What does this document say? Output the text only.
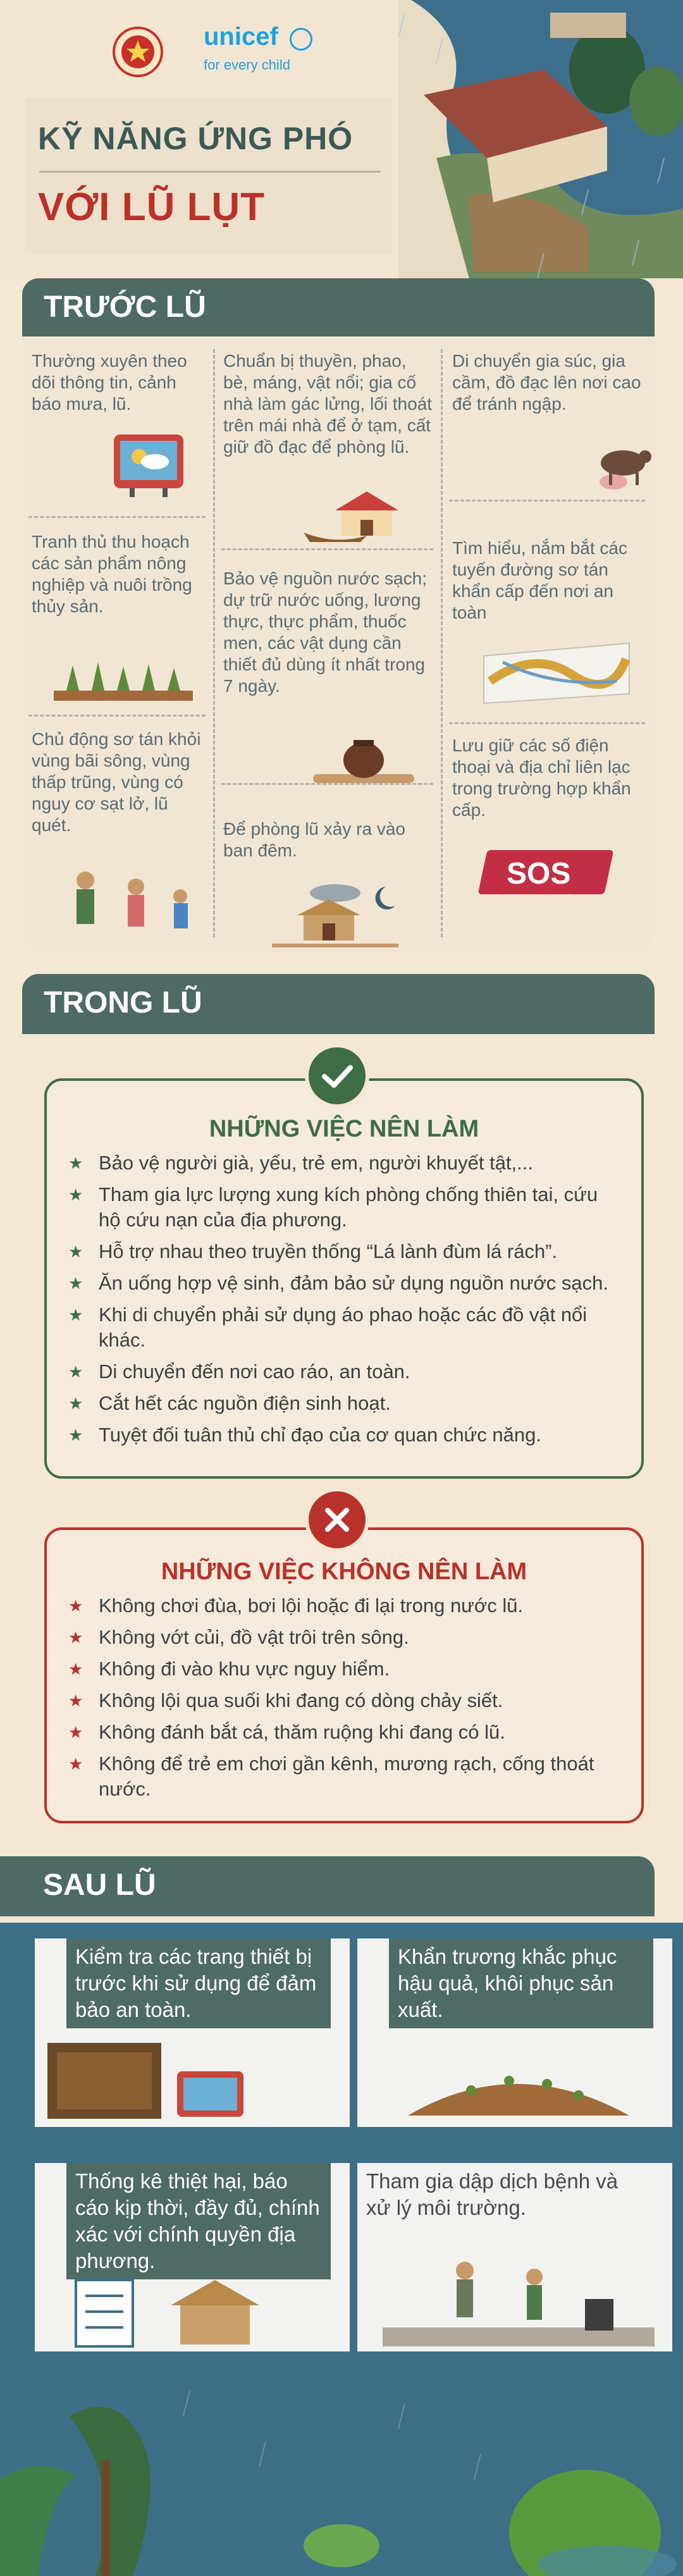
unicef
for every child
KỸ NĂNG ỨNG PHÓ
VỚI LŨ LỤT
TRƯỚC LŨ
Thường xuyên theo dõi thông tin, cảnh báo mưa, lũ.
Chuẩn bị thuyền, phao, bè, máng, vật nổi; gia cố nhà làm gác lửng, lối thoát trên mái nhà để ở tạm, cất giữ đồ đạc để phòng lũ.
Di chuyển gia súc, gia cầm, đồ đạc lên nơi cao để tránh ngập.
Tranh thủ thu hoạch các sản phẩm nông nghiệp và nuôi trồng thủy sản.
Bảo vệ nguồn nước sạch; dự trữ nước uống, lương thực, thực phẩm, thuốc men, các vật dụng cần thiết đủ dùng ít nhất trong 7 ngày.
Tìm hiểu, nắm bắt các tuyến đường sơ tán khẩn cấp đến nơi an toàn
Chủ động sơ tán khỏi vùng bãi sông, vùng thấp trũng, vùng có nguy cơ sạt lở, lũ quét.	Để phòng lũ xảy ra vào ban đêm.
Lưu giữ các số điện thoại và địa chỉ liên lạc trong trường hợp khẩn cấp.
SOS
TRONG LŨ
NHỮNG VIỆC NÊN LÀM
★ Bảo vệ người già, yếu, trẻ em, người khuyết tật,...
★ Tham gia lực lượng xung kích phòng chống thiên tai, cứu hộ cứu nạn của địa phương.
★ Hỗ trợ nhau theo truyền thống “Lá lành đùm lá rách”.
★ Ăn uống hợp vệ sinh, đảm bảo sử dụng nguồn nước sạch.
★ Khi di chuyển phải sử dụng áo phao hoặc các đồ vật nổi khác.
★ Di chuyển đến nơi cao ráo, an toàn.
★ Cắt hết các nguồn điện sinh hoạt.
★ Tuyệt đối tuân thủ chỉ đạo của cơ quan chức năng.
NHỮNG VIỆC KHÔNG NÊN LÀM
★ Không chơi đùa, bơi lội hoặc đi lại trong nước lũ.
★ Không vớt củi, đồ vật trôi trên sông.
★ Không đi vào khu vực nguy hiểm.
★ Không lội qua suối khi đang có dòng chảy siết.
★ Không đánh bắt cá, thăm ruộng khi đang có lũ.
★ Không để trẻ em chơi gần kênh, mương rạch, cống thoát nước.
SAU LŨ
Kiểm tra các trang thiết bị trước khi sử dụng để đảm bảo an toàn.
Khẩn trương khắc phục hậu quả, khôi phục sản xuất.
Thống kê thiệt hại, báo cáo kịp thời, đầy đủ, chính xác với chính quyền địa phương.
Tham gia dập dịch bệnh và xử lý môi trường.
